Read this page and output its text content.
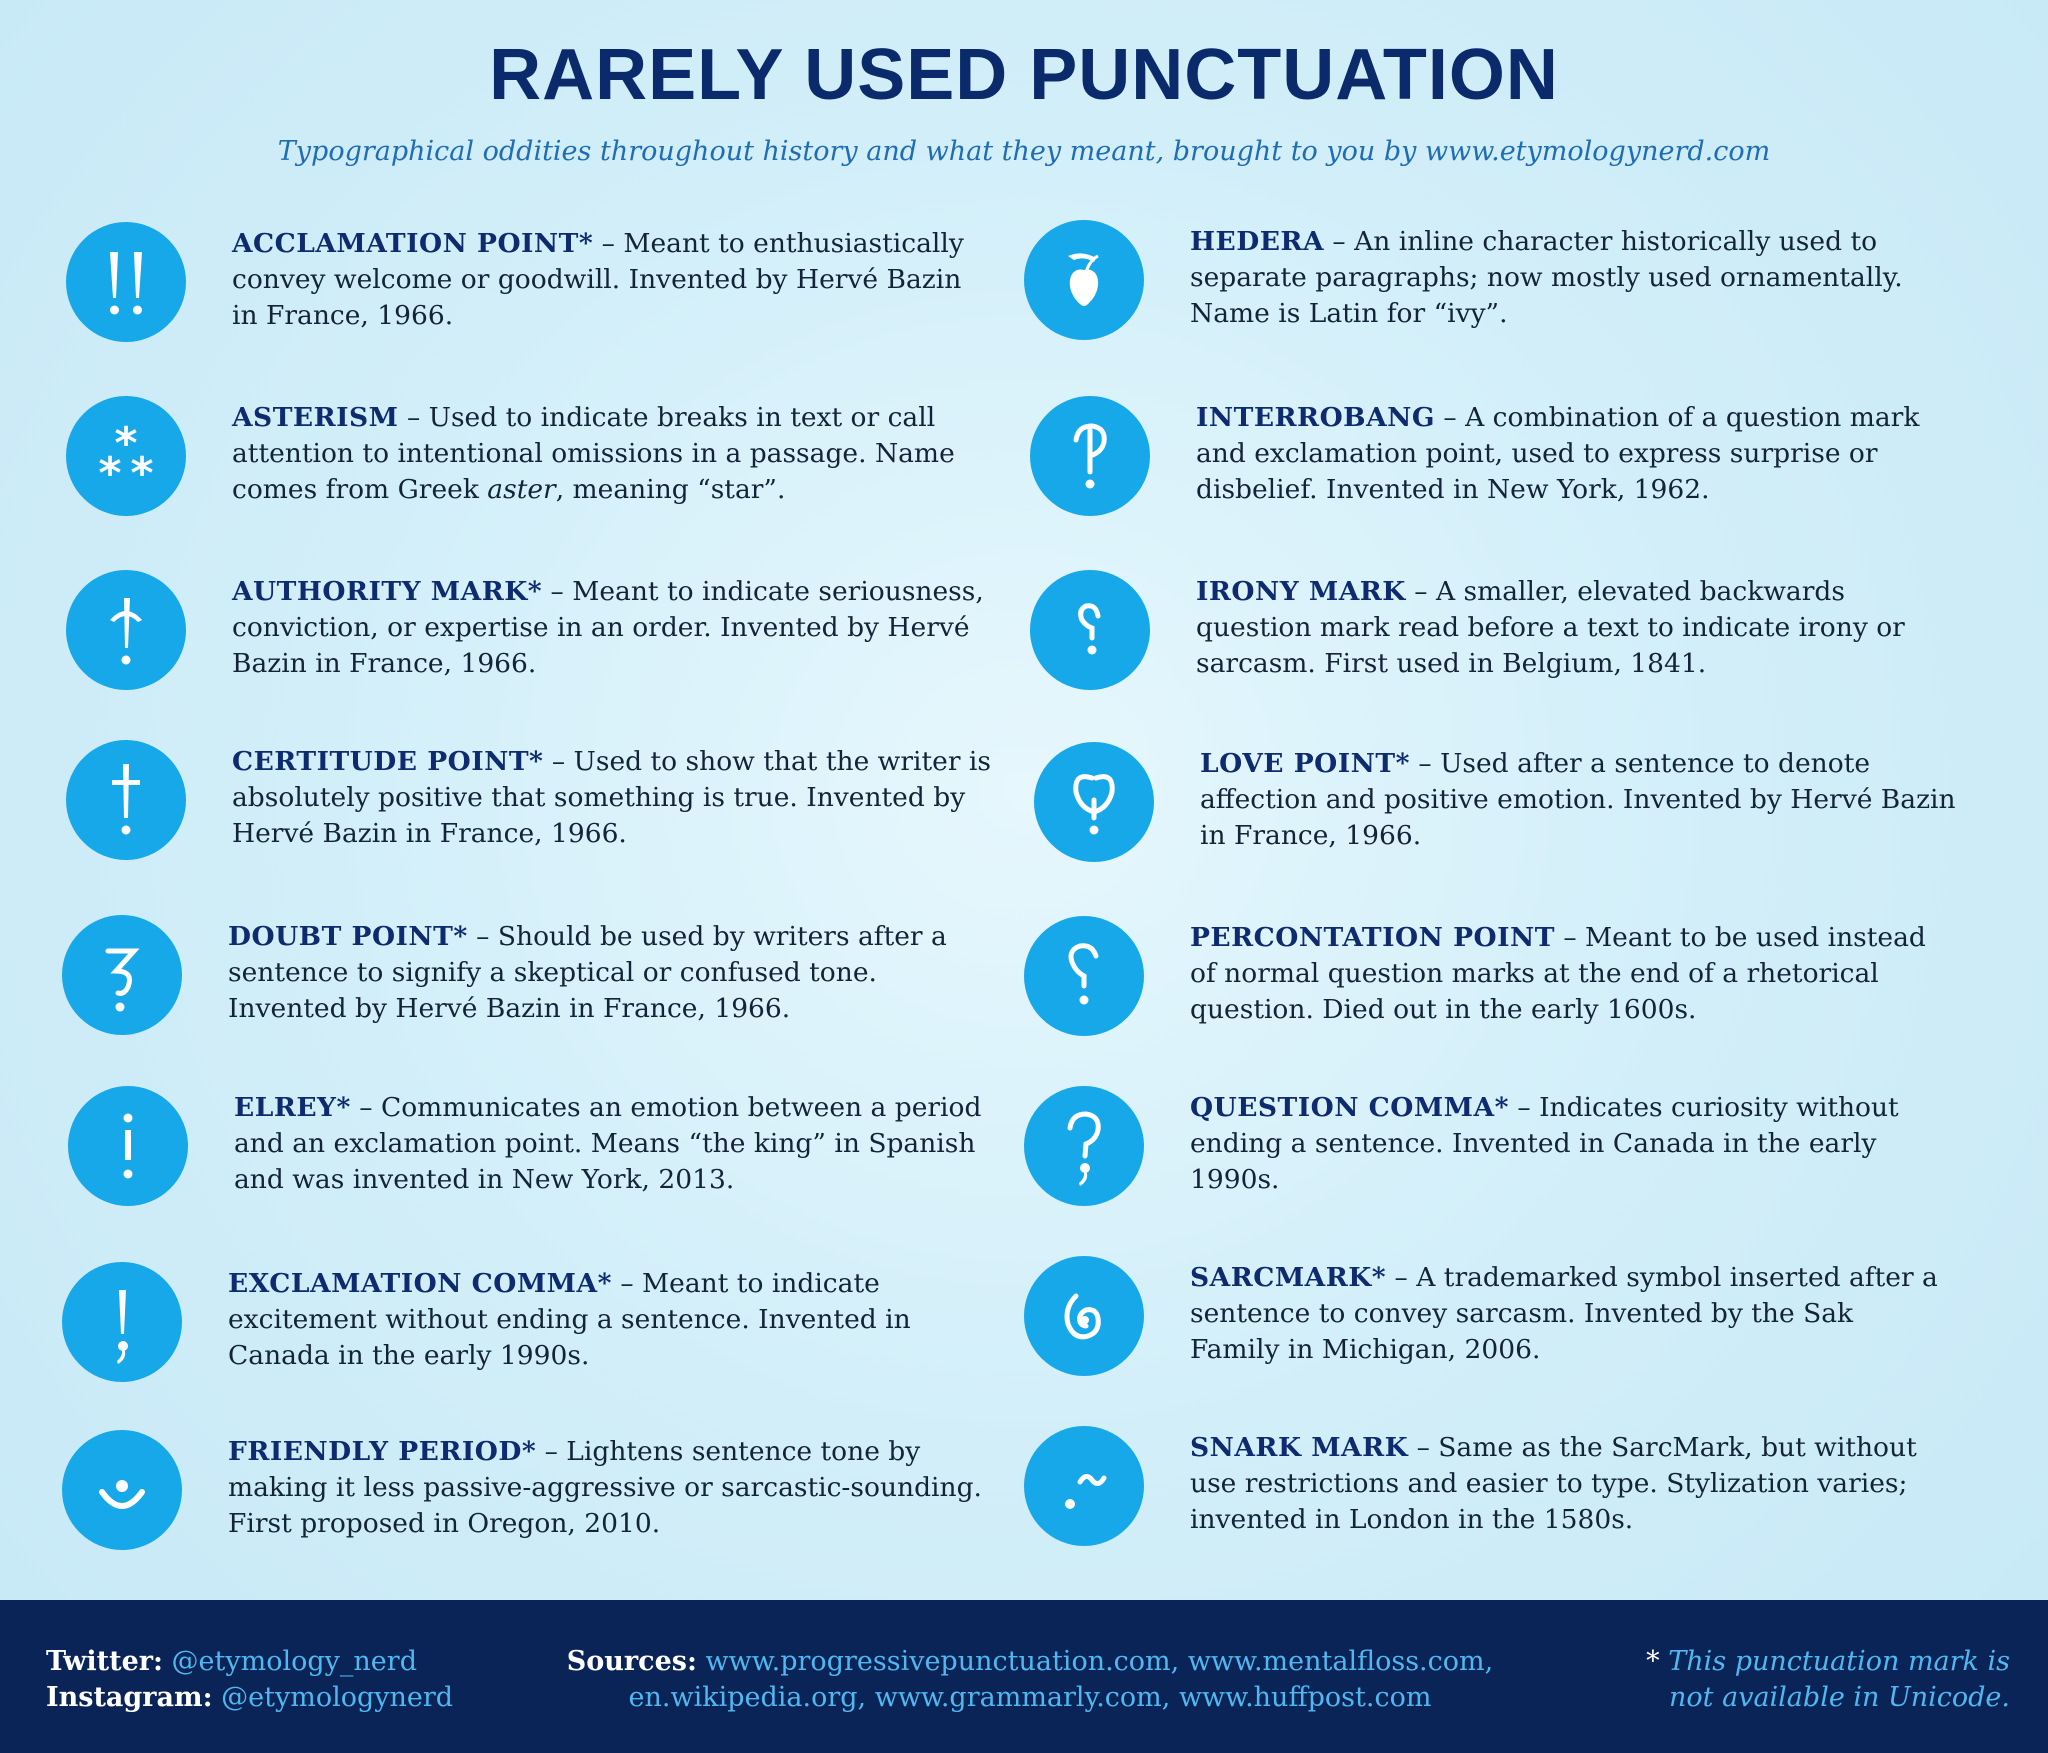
RARELY USED PUNCTUATION

Typographical oddities throughout history and what they meant, brought to you by www.etymologynerd.com

ACCLAMATION POINT* – Meant to enthusiastically convey welcome or goodwill. Invented by Hervé Bazin in France, 1966.
*
* *
ASTERISM – Used to indicate breaks in text or call attention to intentional omissions in a passage. Name comes from Greek aster, meaning “star”.
AUTHORITY MARK* – Meant to indicate seriousness, conviction, or expertise in an order. Invented by Hervé Bazin in France, 1966.
CERTITUDE POINT* – Used to show that the writer is absolutely positive that something is true. Invented by Hervé Bazin in France, 1966.
DOUBT POINT* – Should be used by writers after a sentence to signify a skeptical or confused tone. Invented by Hervé Bazin in France, 1966.
ELREY* – Communicates an emotion between a period and an exclamation point. Means “the king” in Spanish and was invented in New York, 2013.
EXCLAMATION COMMA* – Meant to indicate excitement without ending a sentence. Invented in Canada in the early 1990s.
FRIENDLY PERIOD* – Lightens sentence tone by making it less passive-aggressive or sarcastic-sounding. First proposed in Oregon, 2010.
HEDERA – An inline character historically used to separate paragraphs; now mostly used ornamentally. Name is Latin for “ivy”.
INTERROBANG – A combination of a question mark and exclamation point, used to express surprise or disbelief. Invented in New York, 1962.
IRONY MARK – A smaller, elevated backwards question mark read before a text to indicate irony or sarcasm. First used in Belgium, 1841.
LOVE POINT* – Used after a sentence to denote affection and positive emotion. Invented by Hervé Bazin in France, 1966.
PERCONTATION POINT – Meant to be used instead of normal question marks at the end of a rhetorical question. Died out in the early 1600s.
QUESTION COMMA* – Indicates curiosity without ending a sentence. Invented in Canada in the early 1990s.
SARCMARK* – A trademarked symbol inserted after a sentence to convey sarcasm. Invented by the Sak Family in Michigan, 2006.
SNARK MARK – Same as the SarcMark, but without use restrictions and easier to type. Stylization varies; invented in London in the 1580s.
Twitter: @etymology_nerd
Instagram: @etymologynerd
Sources: www.progressivepunctuation.com, www.mentalfloss.com,
en.wikipedia.org, www.grammarly.com, www.huffpost.com
* This punctuation mark is
not available in Unicode.
